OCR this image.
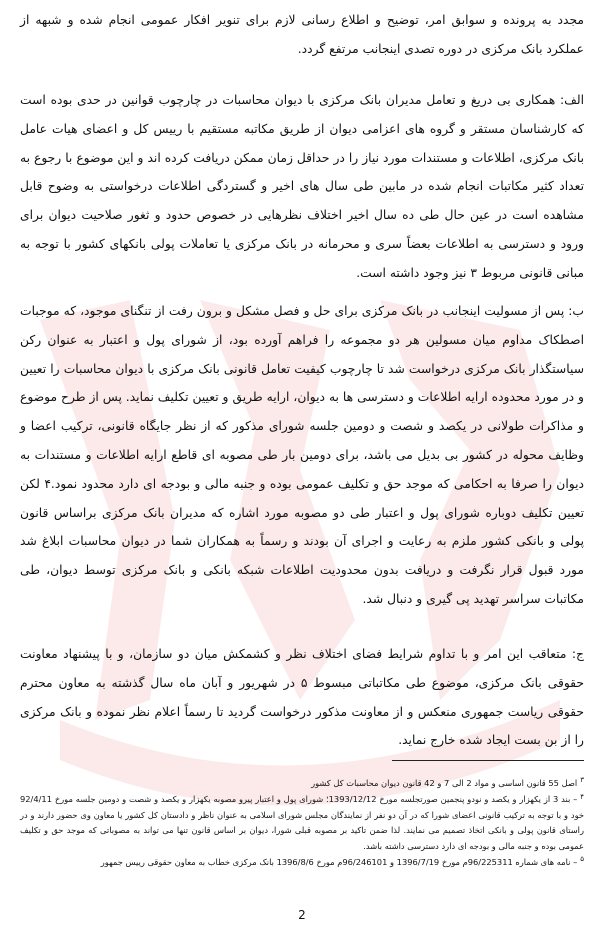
مجدد به پرونده و سوابق امر، توضیح و اطلاع رسانی لازم برای تنویر افکار عمومی انجام شده و شبهه از عملکرد بانک مرکزی در دوره تصدی اینجانب مرتفع گردد.

الف: همکاری بی دریغ و تعامل مدیران بانک مرکزی با دیوان محاسبات در چارچوب قوانین در حدی بوده است که کارشناسان مستقر و گروه های اعزامی دیوان از طریق مکاتبه مستقیم با رییس کل و اعضای هیات عامل بانک مرکزی، اطلاعات و مستندات مورد نیاز را در حداقل زمان ممکن دریافت کرده اند و این موضوع با رجوع به تعداد کثیر مکاتبات انجام شده در مابین طی سال های اخیر و گستردگی اطلاعات درخواستی به وضوح قابل مشاهده است در عین حال طی ده سال اخیر اختلاف نظرهایی در خصوص حدود و ثغور صلاحیت دیوان برای ورود و دسترسی به اطلاعات بعضاً سری و محرمانه در بانک مرکزی یا تعاملات پولی بانکهای کشور با توجه به مبانی قانونی مربوط ۳ نیز وجود داشته است.

ب: پس از مسولیت اینجانب در بانک مرکزی برای حل و فصل مشکل و برون رفت از تنگنای موجود، که موجبات اصطکاک مداوم میان مسولین هر دو مجموعه را فراهم آورده بود، از شورای پول و اعتبار به عنوان رکن سیاستگذار بانک مرکزی درخواست شد تا چارچوب کیفیت تعامل قانونی بانک مرکزی با دیوان محاسبات را تعیین و در مورد محدوده ارایه اطلاعات و دسترسی ها به دیوان، ارایه طریق و تعیین تکلیف نماید. پس از طرح موضوع و مذاکرات طولانی در یکصد و شصت و دومین جلسه شورای مذکور که از نظر جایگاه قانونی، ترکیب اعضا و وظایف محوله در کشور بی بدیل می باشد، برای دومین بار طی مصوبه ای قاطع ارایه اطلاعات و مستندات به دیوان را صرفا به احکامی که موجد حق و تکلیف عمومی بوده و جنبه مالی و بودجه ای دارد محدود نمود.۴ لکن تعیین تکلیف دوباره شورای پول و اعتبار طی دو مصوبه مورد اشاره که مدیران بانک مرکزی براساس قانون پولی و بانکی کشور ملزم به رعایت و اجرای آن بودند و رسماً به همکاران شما در دیوان محاسبات ابلاغ شد مورد قبول قرار نگرفت و دریافت بدون محدودیت اطلاعات شبکه بانکی و بانک مرکزی توسط دیوان، طی مکاتبات سراسر تهدید پی گیری و دنبال شد.

ج: متعاقب این امر و با تداوم شرایط فضای اختلاف نظر و کشمکش میان دو سازمان، و با پیشنهاد معاونت حقوقی بانک مرکزی، موضوع طی مکاتباتی مبسوط ۵ در شهریور و آبان ماه سال گذشته به معاون محترم حقوقی ریاست جمهوری منعکس و از معاونت مذکور درخواست گردید تا رسماً اعلام نظر نموده و بانک مرکزی را از بن بست ایجاد شده خارج نماید.

$^۳$اصل 55 قانون اساسی و مواد 2 الی 7 و 42 قانون دیوان محاسبات کل کشور

$^۴$– بند 3 از یکهزار و یکصد و نودو پنجمین صورتجلسه مورخ 1393/12/12؛ شورای پول و اعتبار پیرو مصوبه یکهزار و یکصد و شصت و دومین جلسه مورخ 92/4/11 خود و با توجه به ترکیب قانونی اعضای شورا که در آن دو نفر از نمایندگان مجلس شورای اسلامی به عنوان ناظر و دادستان کل کشور یا معاون وی حضور دارند و در راستای قانون پولی و بانکی اتخاذ تصمیم می نمایند. لذا ضمن تاکید بر مصوبه قبلی شورا، دیوان بر اساس قانون تنها می تواند به مصوباتی که موجد حق و تکلیف عمومی بوده و جنبه مالی و بودجه ای دارد دسترسی داشته باشد.

$^۵$– نامه های شماره 96/225311م مورخ 1396/7/19 و 96/246101م مورخ 1396/8/6 بانک مرکزی خطاب به معاون حقوقی رییس جمهور

2
